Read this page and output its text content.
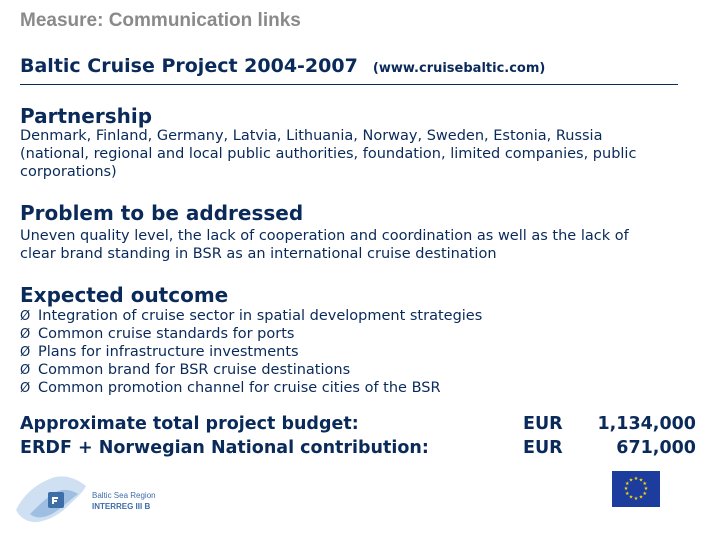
Measure: Communication links
Baltic Cruise Project 2004-2007 (www.cruisebaltic.com)
Partnership
Denmark, Finland, Germany, Latvia, Lithuania, Norway, Sweden, Estonia, Russia
(national, regional and local public authorities, foundation, limited companies, public
corporations)
Problem to be addressed
Uneven quality level, the lack of cooperation and coordination as well as the lack of
clear brand standing in BSR as an international cruise destination
Expected outcome
Ø Integration of cruise sector in spatial development strategies
Ø Common cruise standards for ports
Ø Plans for infrastructure investments
Ø Common brand for BSR cruise destinations
Ø Common promotion channel for cruise cities of the BSR
Approximate total project budget:	EUR 1,134,000
ERDF + Norwegian National contribution:	EUR	671,000
Baltic Sea Region
INTERREG III B
★ ★
★
★
★
★
★
★
★
★
★
★
